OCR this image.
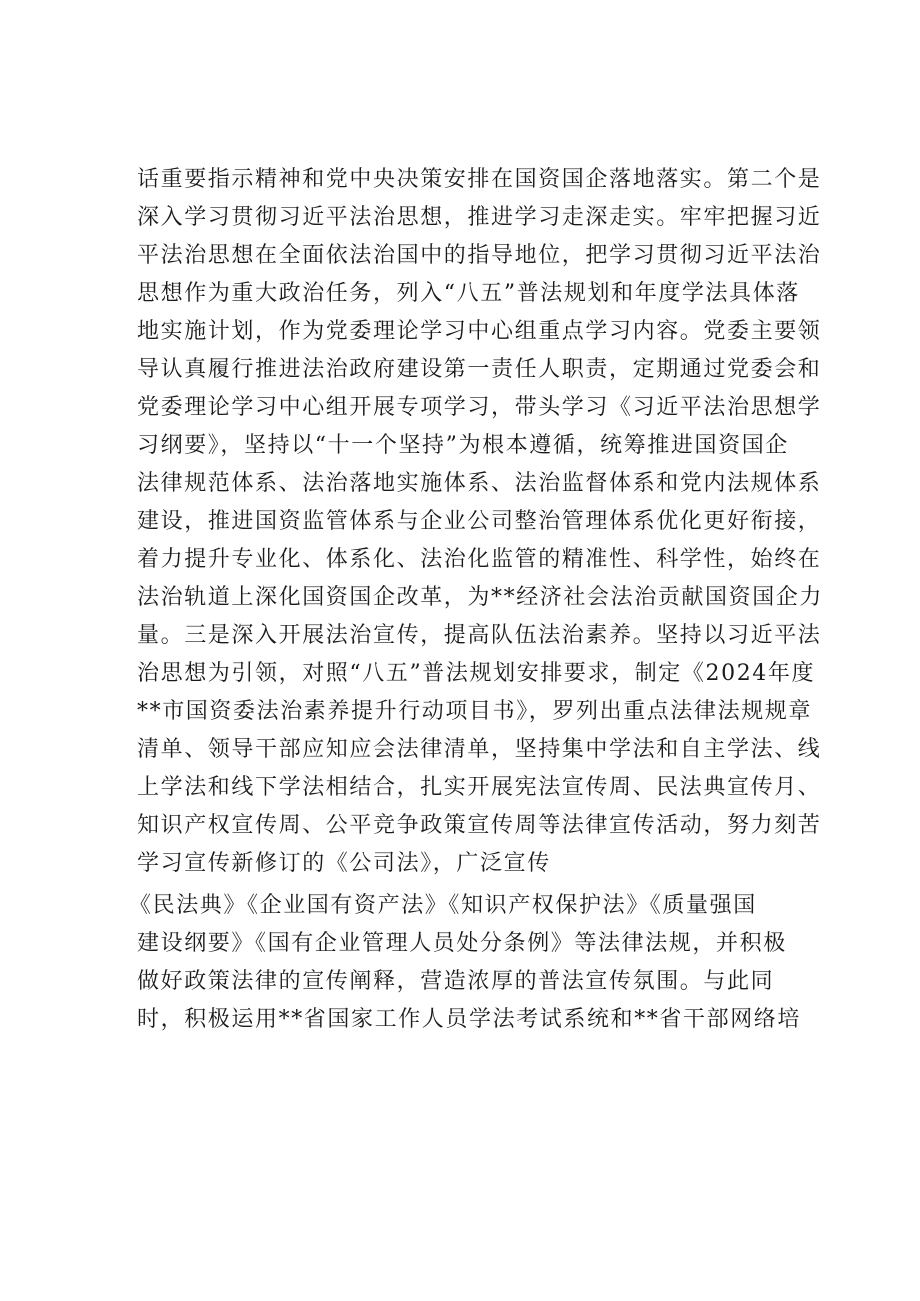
话重要指示精神和党中央决策安排在国资国企落地落实。第二个是
深入学习贯彻习近平法治思想，推进学习走深走实。牢牢把握习近
平法治思想在全面依法治国中的指导地位，把学习贯彻习近平法治
思想作为重大政治任务，列入“八五”普法规划和年度学法具体落
地实施计划，作为党委理论学习中心组重点学习内容。党委主要领
导认真履行推进法治政府建设第一责任人职责，定期通过党委会和
党委理论学习中心组开展专项学习，带头学习《习近平法治思想学
习纲要》，坚持以“十一个坚持”为根本遵循，统筹推进国资国企
法律规范体系、法治落地实施体系、法治监督体系和党内法规体系
建设，推进国资监管体系与企业公司整治管理体系优化更好衔接，
着力提升专业化、体系化、法治化监管的精准性、科学性，始终在
法治轨道上深化国资国企改革，为**经济社会法治贡献国资国企力
量。三是深入开展法治宣传，提高队伍法治素养。坚持以习近平法
治思想为引领，对照“八五”普法规划安排要求，制定《2024年度
**市国资委法治素养提升行动项目书》，罗列出重点法律法规规章
清单、领导干部应知应会法律清单，坚持集中学法和自主学法、线
上学法和线下学法相结合，扎实开展宪法宣传周、民法典宣传月、
知识产权宣传周、公平竞争政策宣传周等法律宣传活动，努力刻苦
学习宣传新修订的《公司法》，广泛宣传
《民法典》《企业国有资产法》《知识产权保护法》《质量强国
建设纲要》《国有企业管理人员处分条例》等法律法规，并积极
做好政策法律的宣传阐释，营造浓厚的普法宣传氛围。与此同
时，积极运用**省国家工作人员学法考试系统和**省干部网络培
